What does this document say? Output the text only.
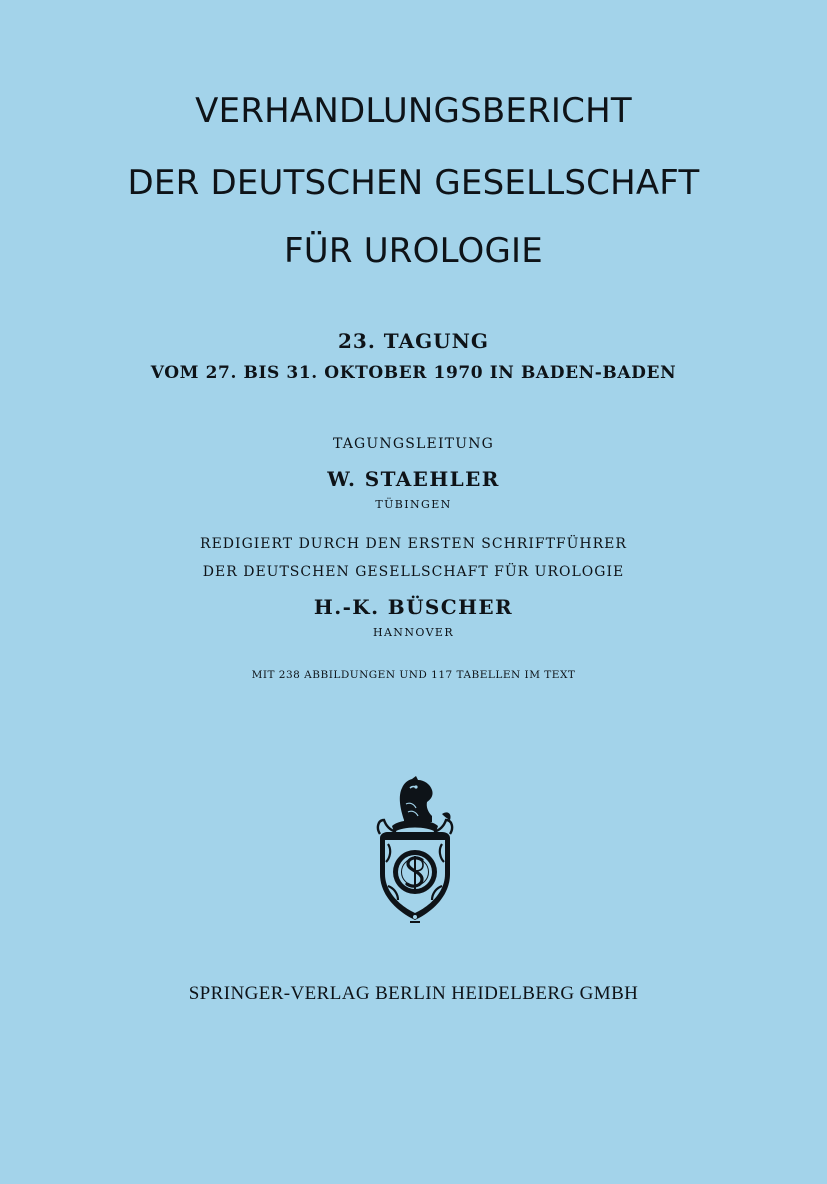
VERHANDLUNGSBERICHT
DER DEUTSCHEN GESELLSCHAFT
FÜR UROLOGIE
23. TAGUNG
VOM 27. BIS 31. OKTOBER 1970 IN BADEN-BADEN
TAGUNGSLEITUNG
W. STAEHLER
TÜBINGEN
REDIGIERT DURCH DEN ERSTEN SCHRIFTFÜHRER
DER DEUTSCHEN GESELLSCHAFT FÜR UROLOGIE
H.-K. BÜSCHER
HANNOVER
MIT 238 ABBILDUNGEN UND 117 TABELLEN IM TEXT
SPRINGER-VERLAG BERLIN HEIDELBERG GMBH
